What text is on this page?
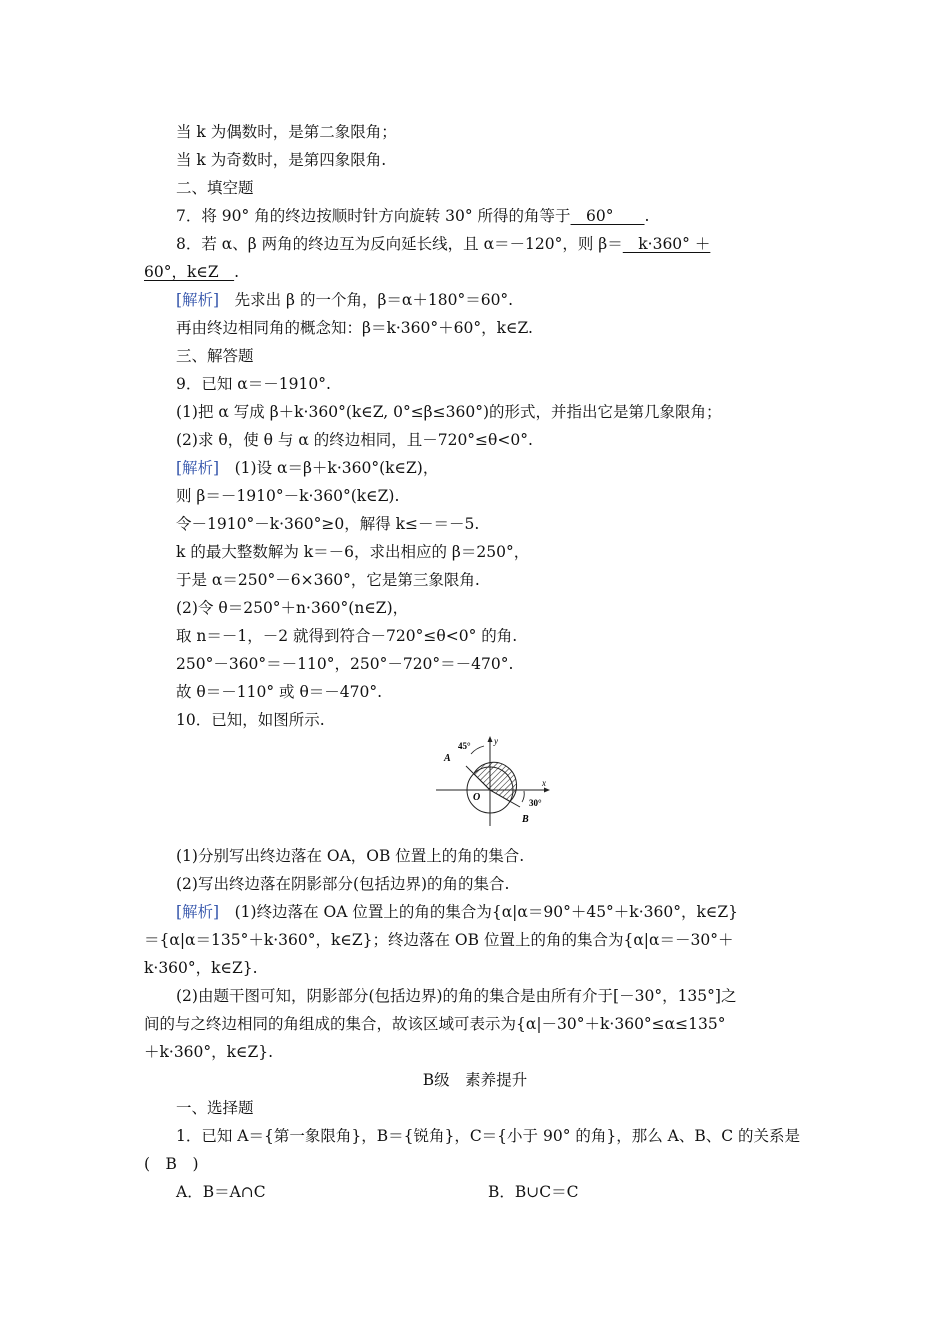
当 k 为偶数时，是第二象限角；
当 k 为奇数时，是第四象限角.
二、填空题
7．将 90° 角的终边按顺时针方向旋转 30° 所得的角等于　60°　　.
8．若 α、β 两角的终边互为反向延长线，且 α＝－120°，则 β＝　k·360° ＋
60°，k∈Z　.
[解析]　 先求出 β 的一个角，β＝α＋180°＝60°.
再由终边相同角的概念知：β＝k·360°＋60°，k∈Z.
三、解答题
9．已知 α＝－1910°.
(1)把 α 写成 β＋k·360°(k∈Z, 0°≤β≤360°)的形式，并指出它是第几象限角；
(2)求 θ，使 θ 与 α 的终边相同，且－720°≤θ<0°.
[解析]　 (1)设 α＝β＋k·360°(k∈Z)，
则 β＝－1910°－k·360°(k∈Z).
令－1910°－k·360°≥0，解得 k≤－＝－5.
k 的最大整数解为 k＝－6，求出相应的 β＝250°，
于是 α＝250°－6×360°，它是第三象限角.
(2)令 θ＝250°＋n·360°(n∈Z)，
取 n＝－1，－2 就得到符合－720°≤θ<0° 的角.
250°－360°＝－110°，250°－720°＝－470°.
故 θ＝－110° 或 θ＝－470°.
10．已知，如图所示.
45°
A
y
x
O	30°
B
(1)分别写出终边落在 OA，OB 位置上的角的集合.
(2)写出终边落在阴影部分(包括边界)的角的集合.
[解析]　 (1)终边落在 OA 位置上的角的集合为{α|α＝90°＋45°＋k·360°，k∈Z}
＝{α|α＝135°＋k·360°，k∈Z}；终边落在 OB 位置上的角的集合为{α|α＝－30°＋
k·360°，k∈Z}.
(2)由题干图可知，阴影部分(包括边界)的角的集合是由所有介于[－30°，135°]之
间的与之终边相同的角组成的集合，故该区域可表示为{α|－30°＋k·360°≤α≤135°
＋k·360°，k∈Z}.
B级　素养提升
一、选择题
1．已知 A＝{第一象限角}，B＝{锐角}，C＝{小于 90° 的角}，那么 A、B、C 的关系是
(　B　)
A．B＝A∩C	B．B∪C＝C
